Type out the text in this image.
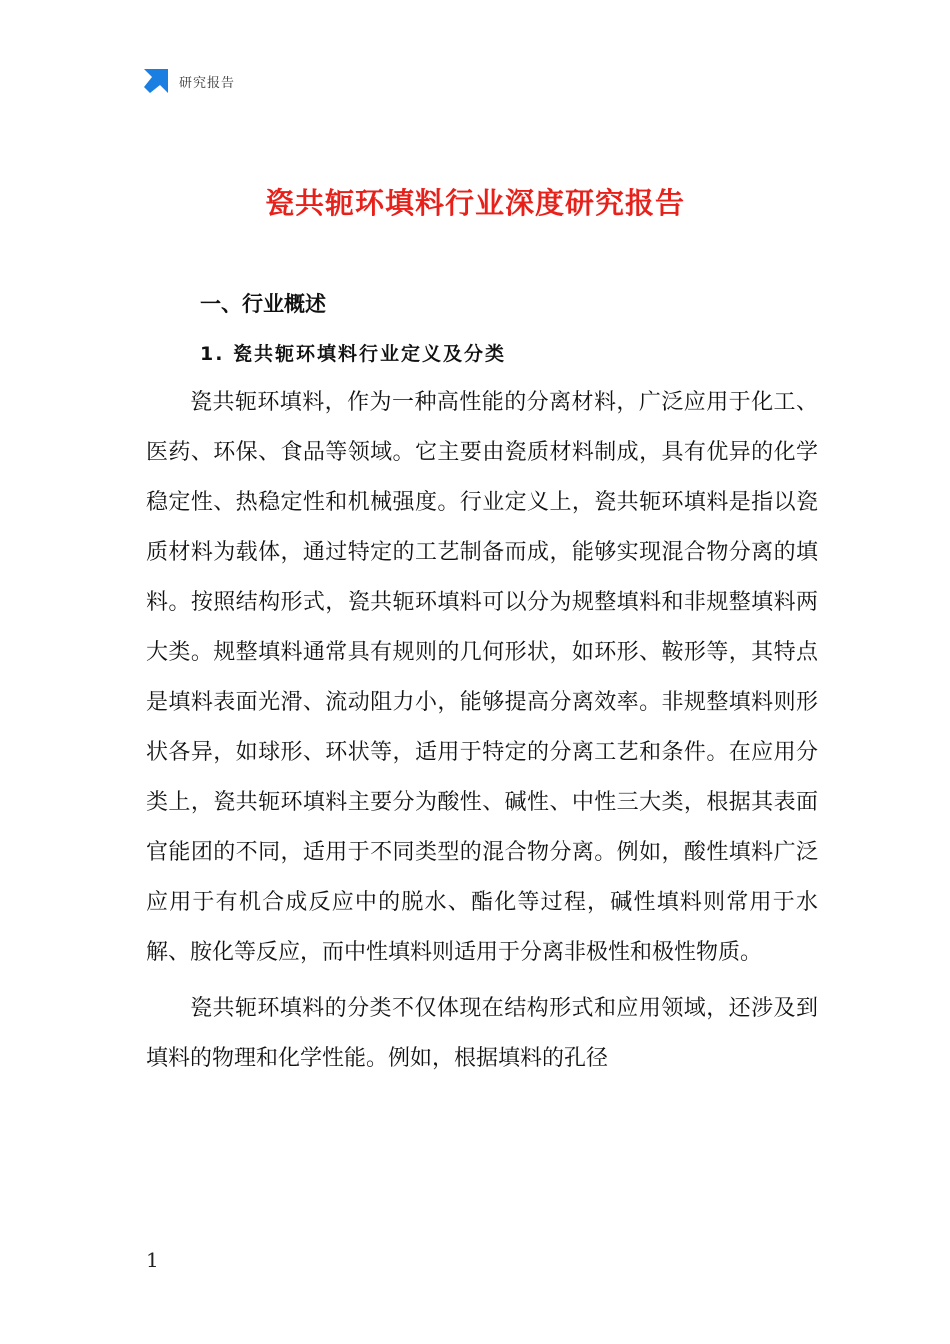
研究报告
瓷共轭环填料行业深度研究报告
一、行业概述
1. 瓷共轭环填料行业定义及分类

瓷共轭环填料，作为一种高性能的分离材料，广泛应用于化工、医药、环保、食品等领域。它主要由瓷质材料制成，具有优异的化学稳定性、热稳定性和机械强度。行业定义上，瓷共轭环填料是指以瓷质材料为载体，通过特定的工艺制备而成，能够实现混合物分离的填料。按照结构形式，瓷共轭环填料可以分为规整填料和非规整填料两大类。规整填料通常具有规则的几何形状，如环形、鞍形等，其特点是填料表面光滑、流动阻力小，能够提高分离效率。非规整填料则形状各异，如球形、环状等，适用于特定的分离工艺和条件。在应用分类上，瓷共轭环填料主要分为酸性、碱性、中性三大类，根据其表面官能团的不同，适用于不同类型的混合物分离。例如，酸性填料广泛应用于有机合成反应中的脱水、酯化等过程，碱性填料则常用于水解、胺化等反应，而中性填料则适用于分离非极性和极性物质。

瓷共轭环填料的分类不仅体现在结构形式和应用领域，还涉及到填料的物理和化学性能。例如，根据填料的孔径

1
